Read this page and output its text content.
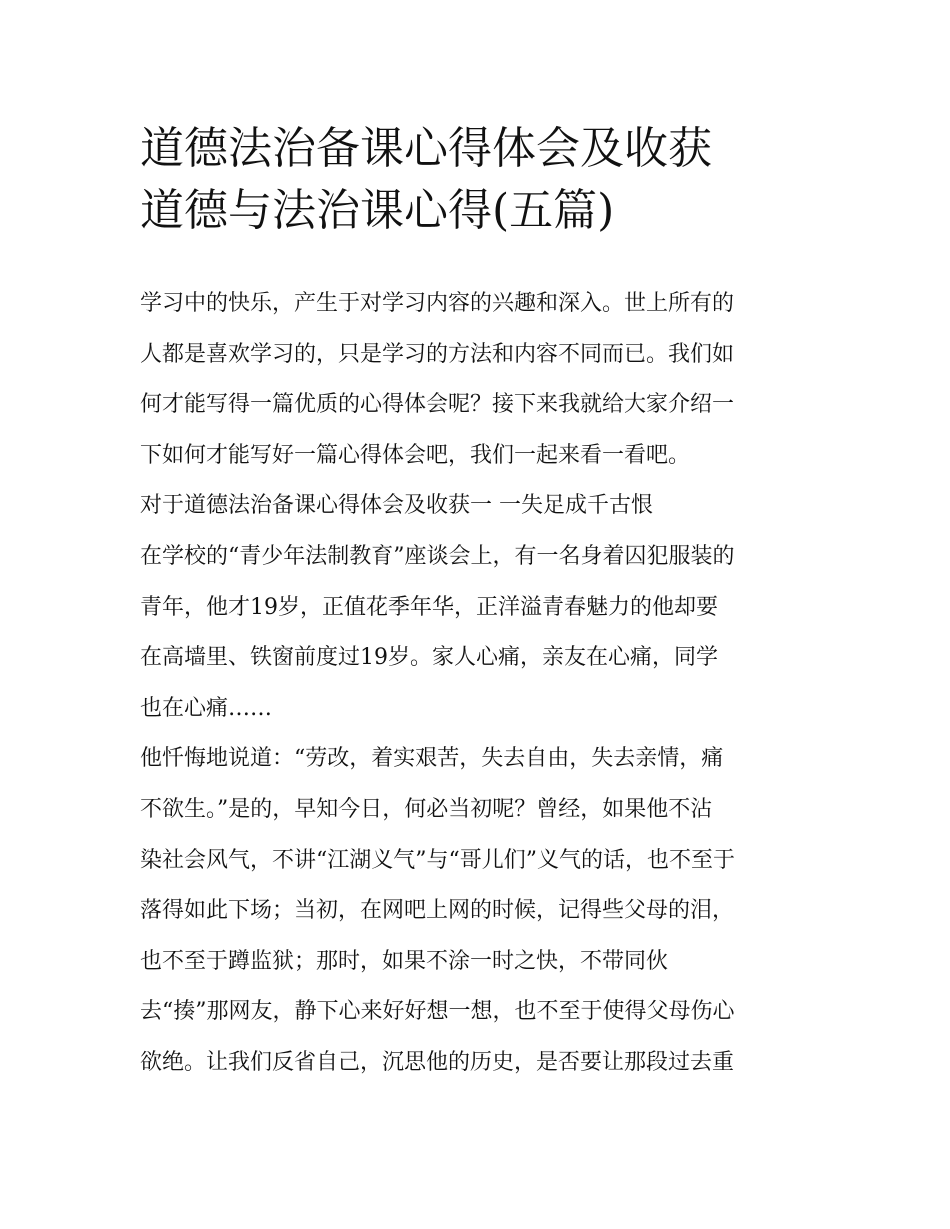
道德法治备课心得体会及收获
道德与法治课心得(五篇)
学习中的快乐，产生于对学习内容的兴趣和深入。世上所有的
人都是喜欢学习的，只是学习的方法和内容不同而已。我们如
何才能写得一篇优质的心得体会呢？接下来我就给大家介绍一
下如何才能写好一篇心得体会吧，我们一起来看一看吧。
对于道德法治备课心得体会及收获一 一失足成千古恨
在学校的“青少年法制教育”座谈会上，有一名身着囚犯服装的
青年，他才19岁，正值花季年华，正洋溢青春魅力的他却要
在高墙里、铁窗前度过19岁。家人心痛，亲友在心痛，同学
也在心痛……
他忏悔地说道：“劳改，着实艰苦，失去自由，失去亲情，痛
不欲生。”是的，早知今日，何必当初呢？曾经，如果他不沾
染社会风气，不讲“江湖义气”与“哥儿们”义气的话，也不至于
落得如此下场；当初，在网吧上网的时候，记得些父母的泪，
也不至于蹲监狱；那时，如果不涂一时之快，不带同伙
去“揍”那网友，静下心来好好想一想，也不至于使得父母伤心
欲绝。让我们反省自己，沉思他的历史，是否要让那段过去重
